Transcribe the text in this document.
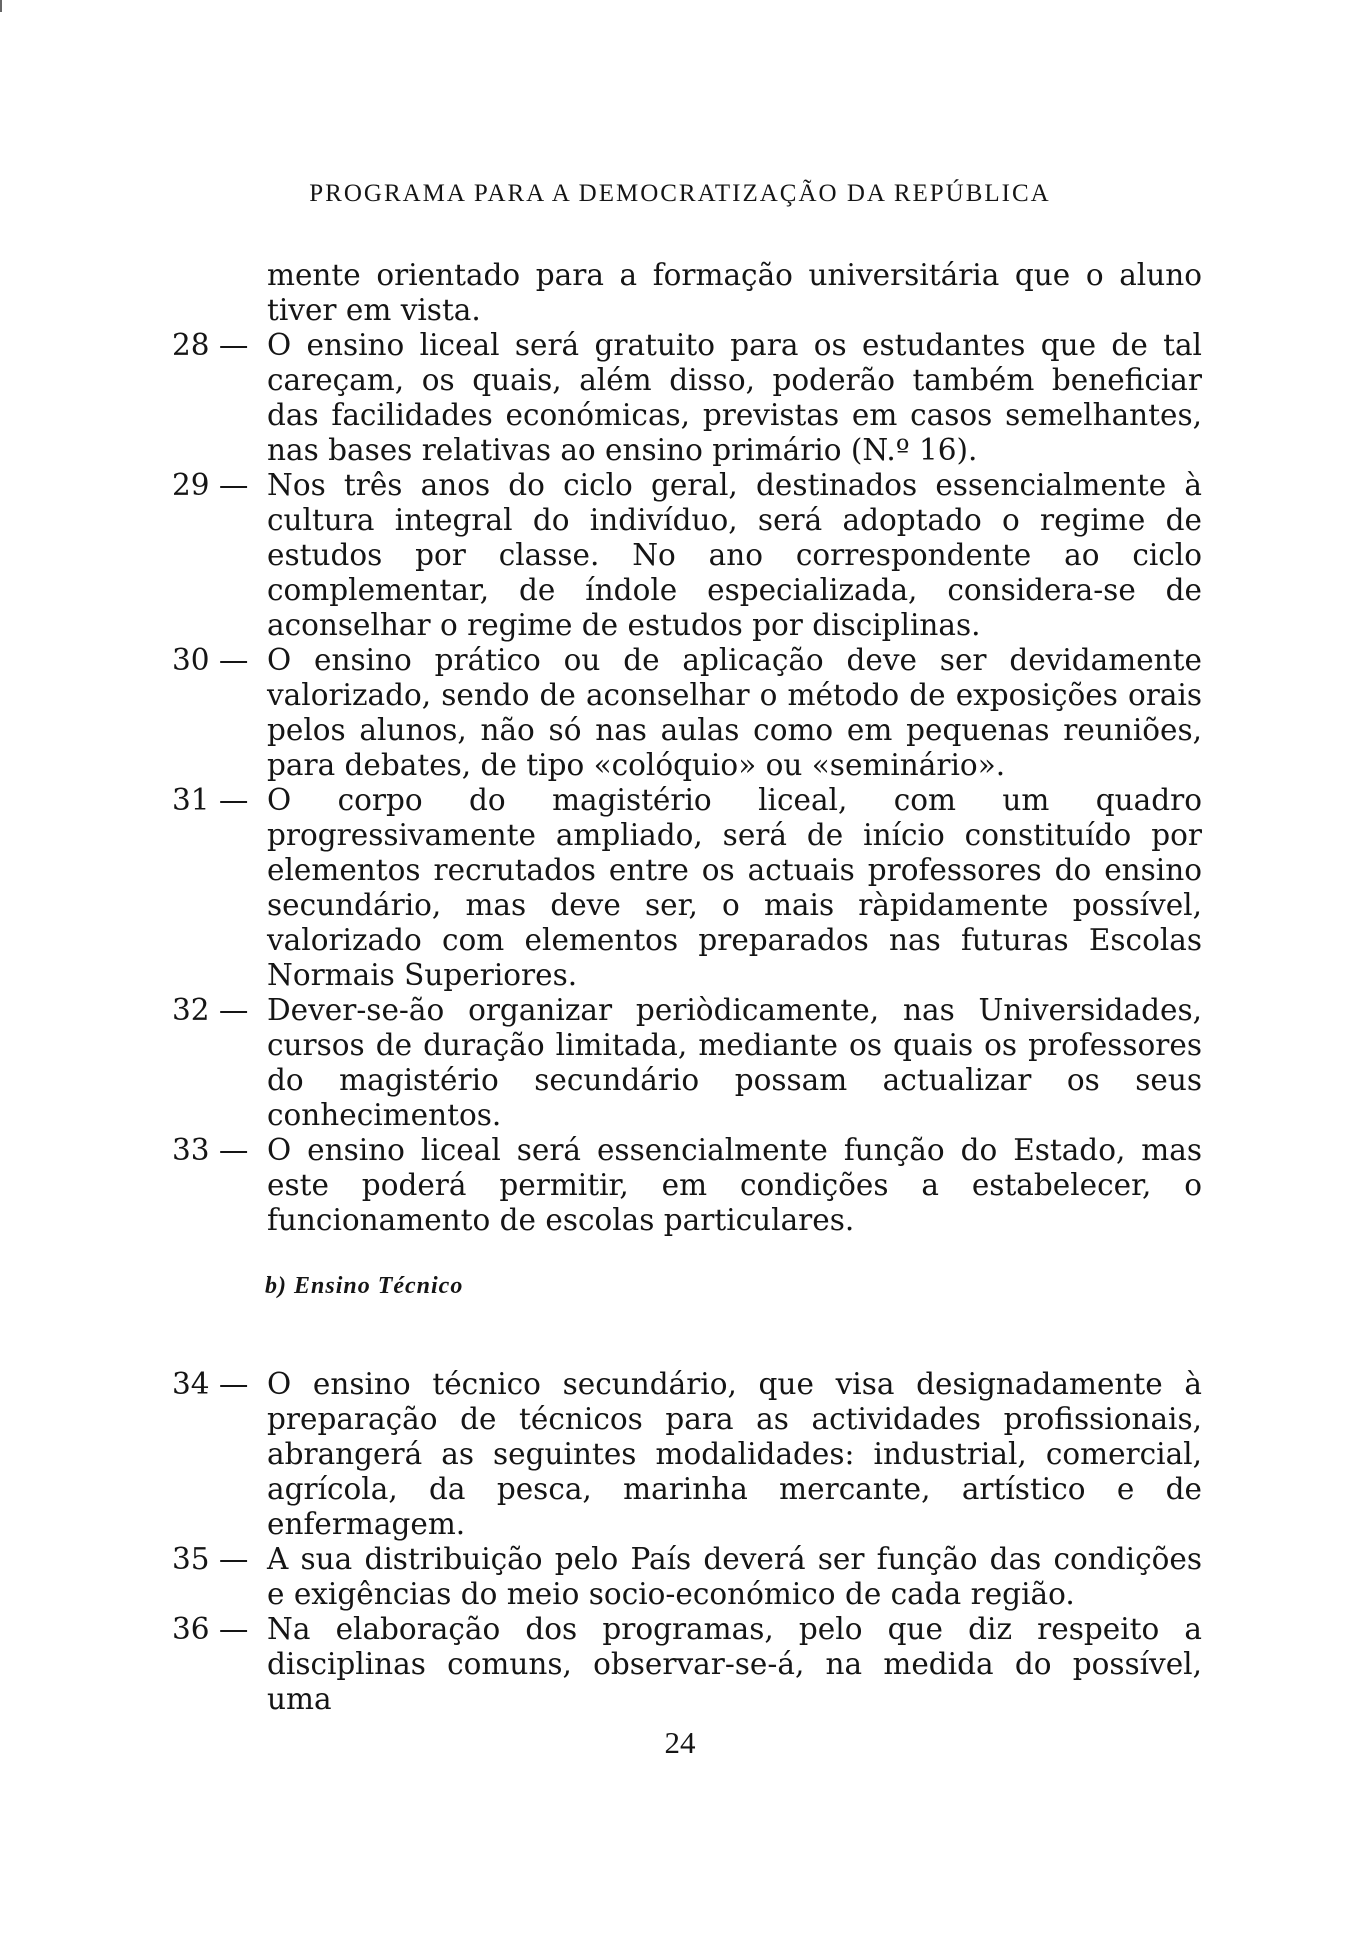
PROGRAMA PARA A DEMOCRATIZAÇÃO DA REPÚBLICA
mente orientado para a formação universitária que o aluno tiver em vista.
28 — O ensino liceal será gratuito para os estudantes que de tal careçam, os quais, além disso, poderão também beneficiar das facilidades económicas, previstas em casos semelhantes, nas bases relativas ao ensino primário (N.º 16).
29 — Nos três anos do ciclo geral, destinados essencialmente à cultura integral do indivíduo, será adoptado o regime de estudos por classe. No ano correspondente ao ciclo complementar, de índole especializada, considera-se de aconselhar o regime de estudos por disciplinas.
30 — O ensino prático ou de aplicação deve ser devidamente valorizado, sendo de aconselhar o método de exposições orais pelos alunos, não só nas aulas como em pequenas reuniões, para debates, de tipo «colóquio» ou «seminário».
31 — O corpo do magistério liceal, com um quadro progressivamente ampliado, será de início constituído por elementos recrutados entre os actuais professores do ensino secundário, mas deve ser, o mais ràpidamente possível, valorizado com elementos preparados nas futuras Escolas Normais Superiores.
32 — Dever-se-ão organizar periòdicamente, nas Universidades, cursos de duração limitada, mediante os quais os professores do magistério secundário possam actualizar os seus conhecimentos.
33 — O ensino liceal será essencialmente função do Estado, mas este poderá permitir, em condições a estabelecer, o funcionamento de escolas particulares.
b) Ensino Técnico
34 — O ensino técnico secundário, que visa designadamente à preparação de técnicos para as actividades profissionais, abrangerá as seguintes modalidades: industrial, comercial, agrícola, da pesca, marinha mercante, artístico e de enfermagem.
35 — A sua distribuição pelo País deverá ser função das condições e exigências do meio socio-económico de cada região.
36 — Na elaboração dos programas, pelo que diz respeito a disciplinas comuns, observar-se-á, na medida do possível, uma
24
